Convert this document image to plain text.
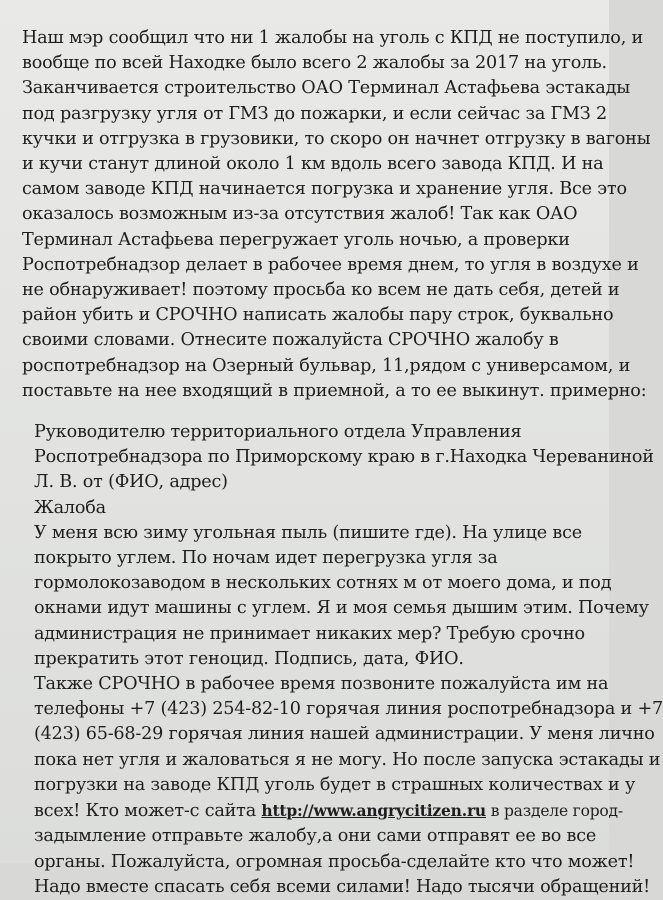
Наш мэр сообщил что ни 1 жалобы на уголь с КПД не поступило, и
вообще по всей Находке было всего 2 жалобы за 2017 на уголь.
Заканчивается строительство ОАО Терминал Астафьева эстакады
под разгрузку угля от ГМЗ до пожарки, и если сейчас за ГМЗ 2
кучки и отгрузка в грузовики, то скоро он начнет отгрузку в вагоны
и кучи станут длиной около 1 км вдоль всего завода КПД. И на
самом заводе КПД начинается погрузка и хранение угля. Все это
оказалось возможным из-за отсутствия жалоб! Так как ОАО
Терминал Астафьева перегружает уголь ночью, а проверки
Роспотребнадзор делает в рабочее время днем, то угля в воздухе и
не обнаруживает! поэтому просьба ко всем не дать себя, детей и
район убить и СРОЧНО написать жалобы пару строк, буквально
своими словами. Отнесите пожалуйста СРОЧНО жалобу в
роспотребнадзор на Озерный бульвар, 11,рядом с универсамом, и
поставьте на нее входящий в приемной, а то ее выкинут. примерно:
Руководителю территориального отдела Управления
Роспотребнадзора по Приморскому краю в г.Находка Череваниной
Л. В. от (ФИО, адрес)
Жалоба
У меня всю зиму угольная пыль (пишите где). На улице все
покрыто углем. По ночам идет перегрузка угля за
гормолокозаводом в нескольких сотнях м от моего дома, и под
окнами идут машины с углем. Я и моя семья дышим этим. Почему
администрация не принимает никаких мер? Требую срочно
прекратить этот геноцид. Подпись, дата, ФИО.
Также СРОЧНО в рабочее время позвоните пожалуйста им на
телефоны +7 (423) 254-82-10 горячая линия роспотребнадзора и +7
(423) 65-68-29 горячая линия нашей администрации. У меня лично
пока нет угля и жаловаться я не могу. Но после запуска эстакады и
погрузки на заводе КПД уголь будет в страшных количествах и у
всех! Кто может-с сайта http://www.angrycitizen.ru в разделе город-
задымление отправьте жалобу,а они сами отправят ее во все
органы. Пожалуйста, огромная просьба-сделайте кто что может!
Надо вместе спасать себя всеми силами! Надо тысячи обращений!
